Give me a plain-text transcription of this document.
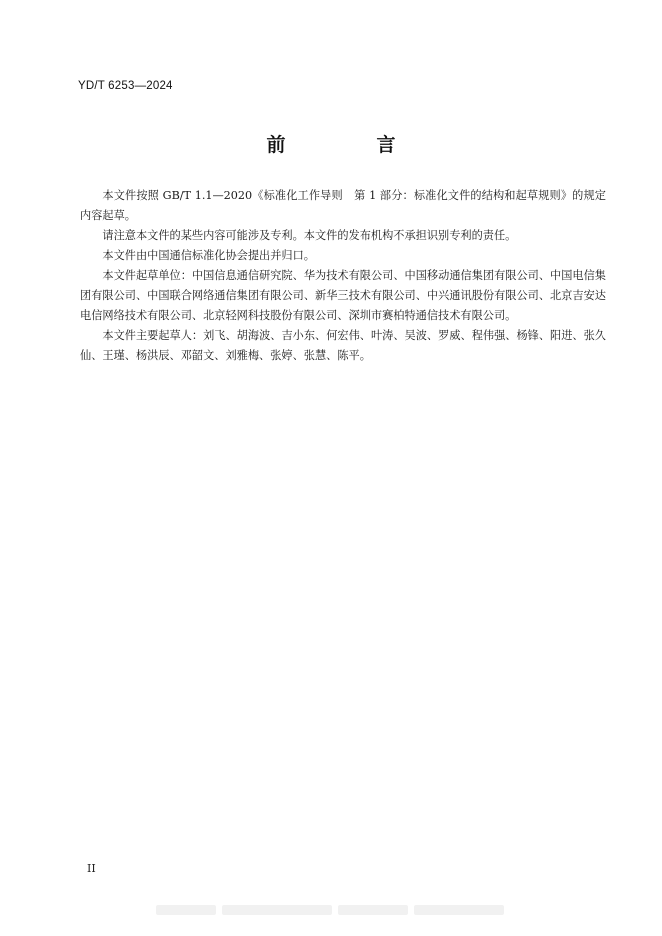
YD/T 6253—2024
前　言

本文件按照 GB/T 1.1—2020《标准化工作导则　第 1 部分：标准化文件的结构和起草规则》的规定内容起草。

请注意本文件的某些内容可能涉及专利。本文件的发布机构不承担识别专利的责任。

本文件由中国通信标准化协会提出并归口。

本文件起草单位：中国信息通信研究院、华为技术有限公司、中国移动通信集团有限公司、中国电信集团有限公司、中国联合网络通信集团有限公司、新华三技术有限公司、中兴通讯股份有限公司、北京吉安达电信网络技术有限公司、北京轻网科技股份有限公司、深圳市赛柏特通信技术有限公司。

本文件主要起草人：刘飞、胡海波、吉小东、何宏伟、叶涛、吴波、罗威、程伟强、杨锋、阳进、张久仙、王瑾、杨洪辰、邓韶文、刘雅梅、张婷、张慧、陈平。

II
